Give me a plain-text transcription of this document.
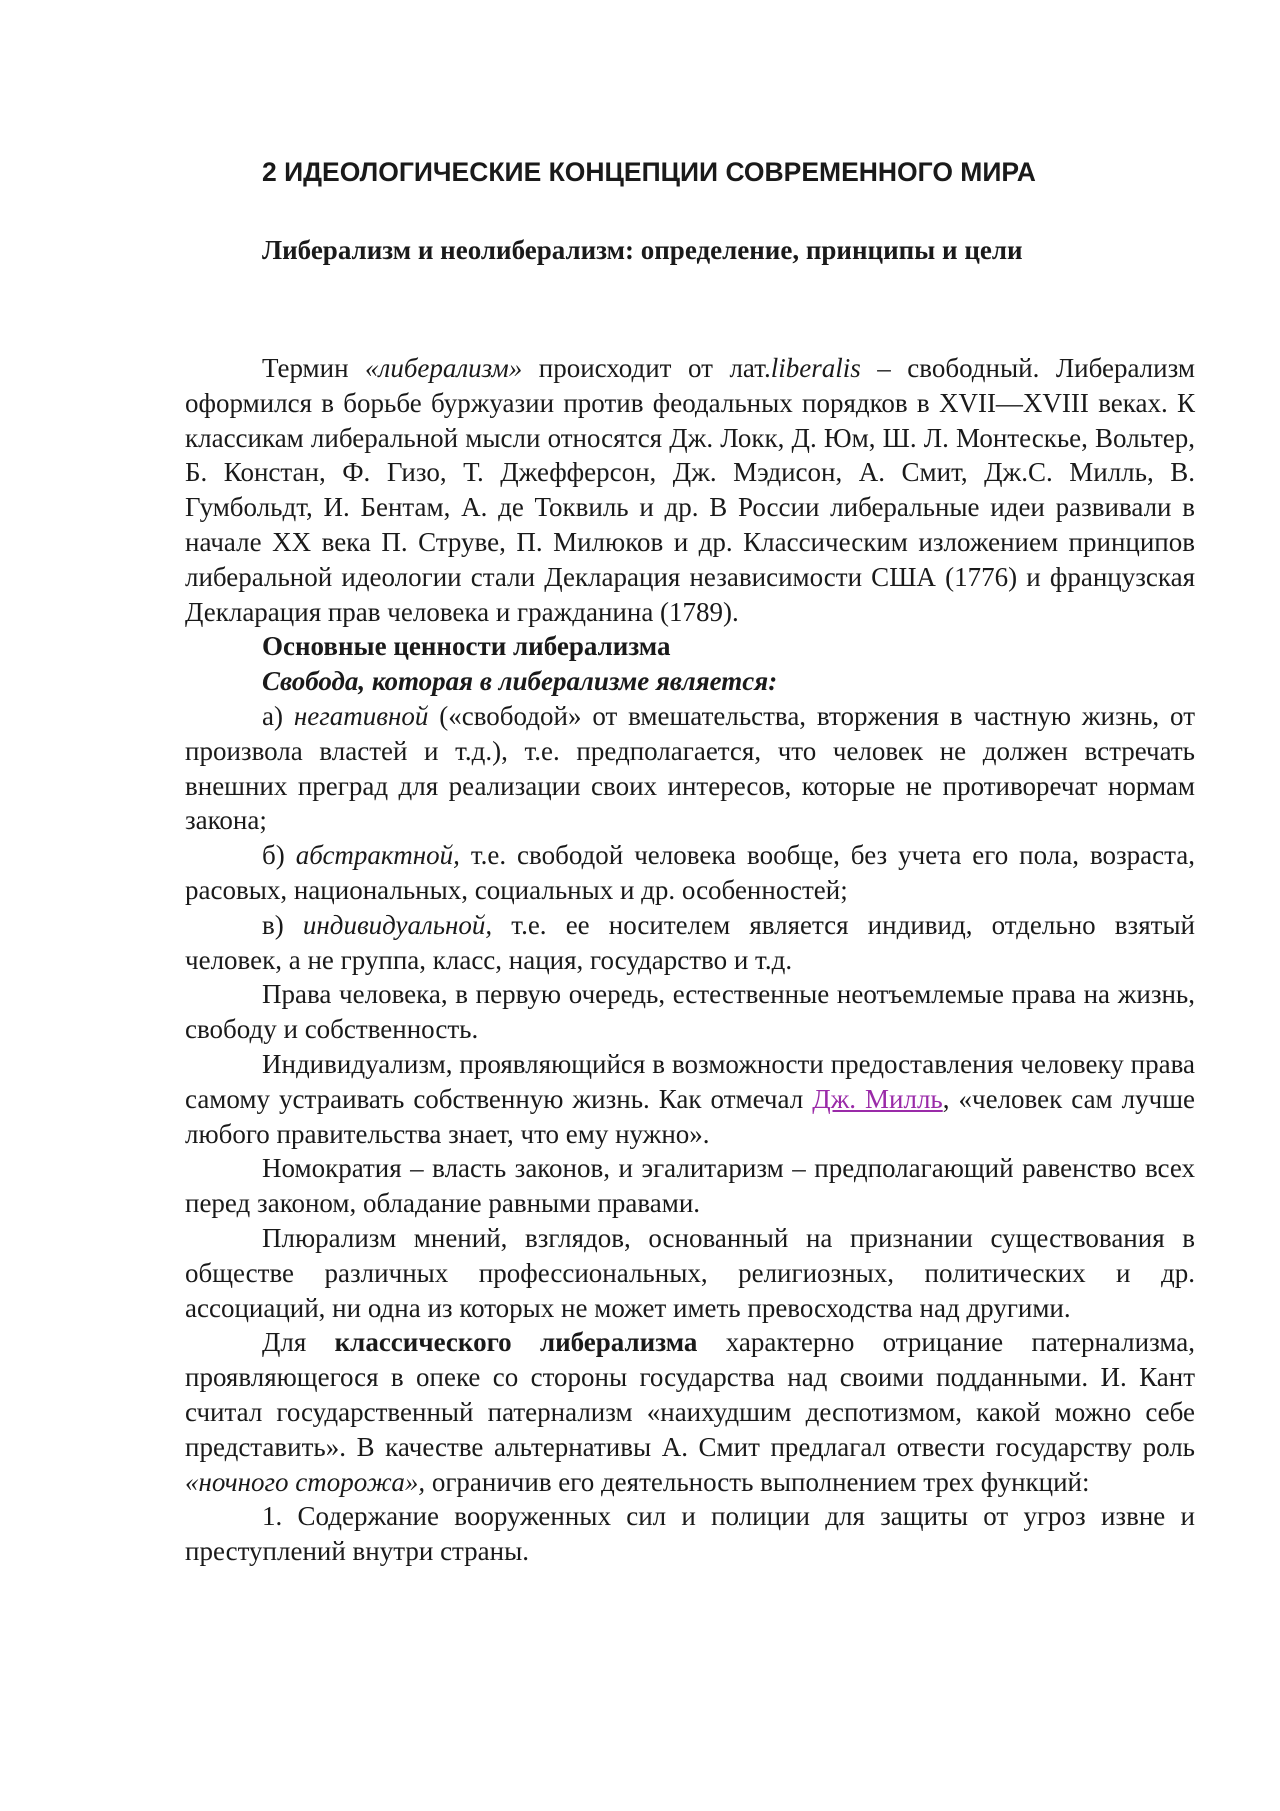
2 ИДЕОЛОГИЧЕСКИЕ КОНЦЕПЦИИ СОВРЕМЕННОГО МИРА
Либерализм и неолиберализм: определение, принципы и цели

Термин «либерализм» происходит от лат.liberalis – свободный. Либерализм оформился в борьбе буржуазии против феодальных порядков в XVII—XVIII веках. К классикам либеральной мысли относятся Дж. Локк, Д. Юм, Ш. Л. Монтескье, Вольтер, Б. Констан, Ф. Гизо, Т. Джефферсон, Дж. Мэдисон, А. Смит, Дж.С. Милль, В. Гумбольдт, И. Бентам, А. де Токвиль и др. В России либеральные идеи развивали в начале XX века П. Струве, П. Милюков и др. Классическим изложением принципов либеральной идеологии стали Декларация независимости США (1776) и французская Декларация прав человека и гражданина (1789).

Основные ценности либерализма
Свобода, которая в либерализме является:

а) негативной («свободой» от вмешательства, вторжения в частную жизнь, от произвола властей и т.д.), т.е. предполагается, что человек не должен встречать внешних преград для реализации своих интересов, которые не противоречат нормам закона;

б) абстрактной, т.е. свободой человека вообще, без учета его пола, возраста, расовых, национальных, социальных и др. особенностей;

в) индивидуальной, т.е. ее носителем является индивид, отдельно взятый человек, а не группа, класс, нация, государство и т.д.

Права человека, в первую очередь, естественные неотъемлемые права на жизнь, свободу и собственность.

Индивидуализм, проявляющийся в возможности предоставления человеку права самому устраивать собственную жизнь. Как отмечал Дж. Милль, «человек сам лучше любого правительства знает, что ему нужно».

Номократия – власть законов, и эгалитаризм – предполагающий равенство всех перед законом, обладание равными правами.

Плюрализм мнений, взглядов, основанный на признании существования в обществе различных профессиональных, религиозных, политических и др. ассоциаций, ни одна из которых не может иметь превосходства над другими.

Для классического либерализма характерно отрицание патернализма, проявляющегося в опеке со стороны государства над своими подданными. И. Кант считал государственный патернализм «наихудшим деспотизмом, какой можно себе представить». В качестве альтернативы А. Смит предлагал отвести государству роль «ночного сторожа», ограничив его деятельность выполнением трех функций:

1. Содержание вооруженных сил и полиции для защиты от угроз извне и преступлений внутри страны.
